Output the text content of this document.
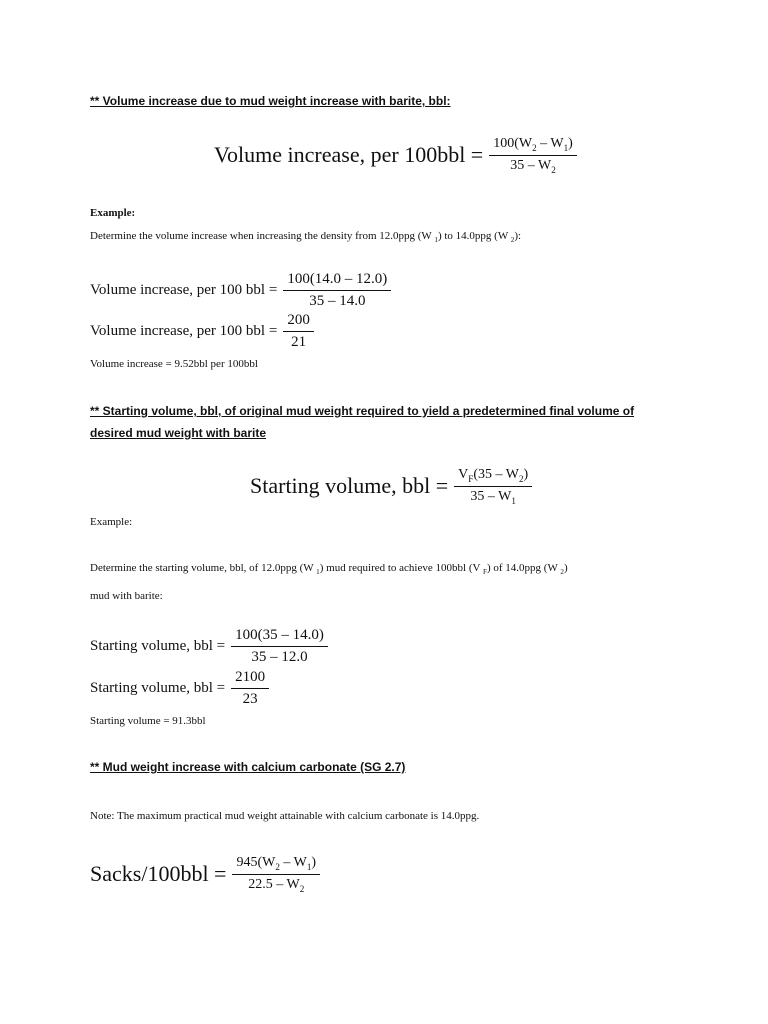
** Volume increase due to mud weight increase with barite, bbl:
Volume increase, per $100bbl = \frac{100(W_2 - W_1)}{35 - W_2}$
Example:
Determine the volume increase when increasing the density from 12.0ppg (W $_1$) to 14.0ppg (W $_2$):
Volume increase, per 100 bbl = $\frac{100(14.0 - 12.0)}{35 - 14.0}$
Volume increase, per 100 bbl = $\frac{200}{21}$
Volume increase = 9.52bbl per 100bbl
** Starting volume, bbl, of original mud weight required to yield a predetermined final volume of
desired mud weight with barite
Starting volume, bbl = $\frac{V_F(35 - W_2)}{35 - W_1}$
Example:
Determine the starting volume, bbl, of 12.0ppg (W $_1$) mud required to achieve 100bbl (V $_F$) of 14.0ppg (W $_2$)
mud with barite:
Starting volume, bbl = $\frac{100(35 - 14.0)}{35 - 12.0}$
Starting volume, bbl = $\frac{2100}{23}$
Starting volume = 91.3bbl
** Mud weight increase with calcium carbonate (SG 2.7)
Note: The maximum practical mud weight attainable with calcium carbonate is 14.0ppg.
Sacks/100bbl = $\frac{945(W_2 - W_1)}{22.5 - W_2}$
